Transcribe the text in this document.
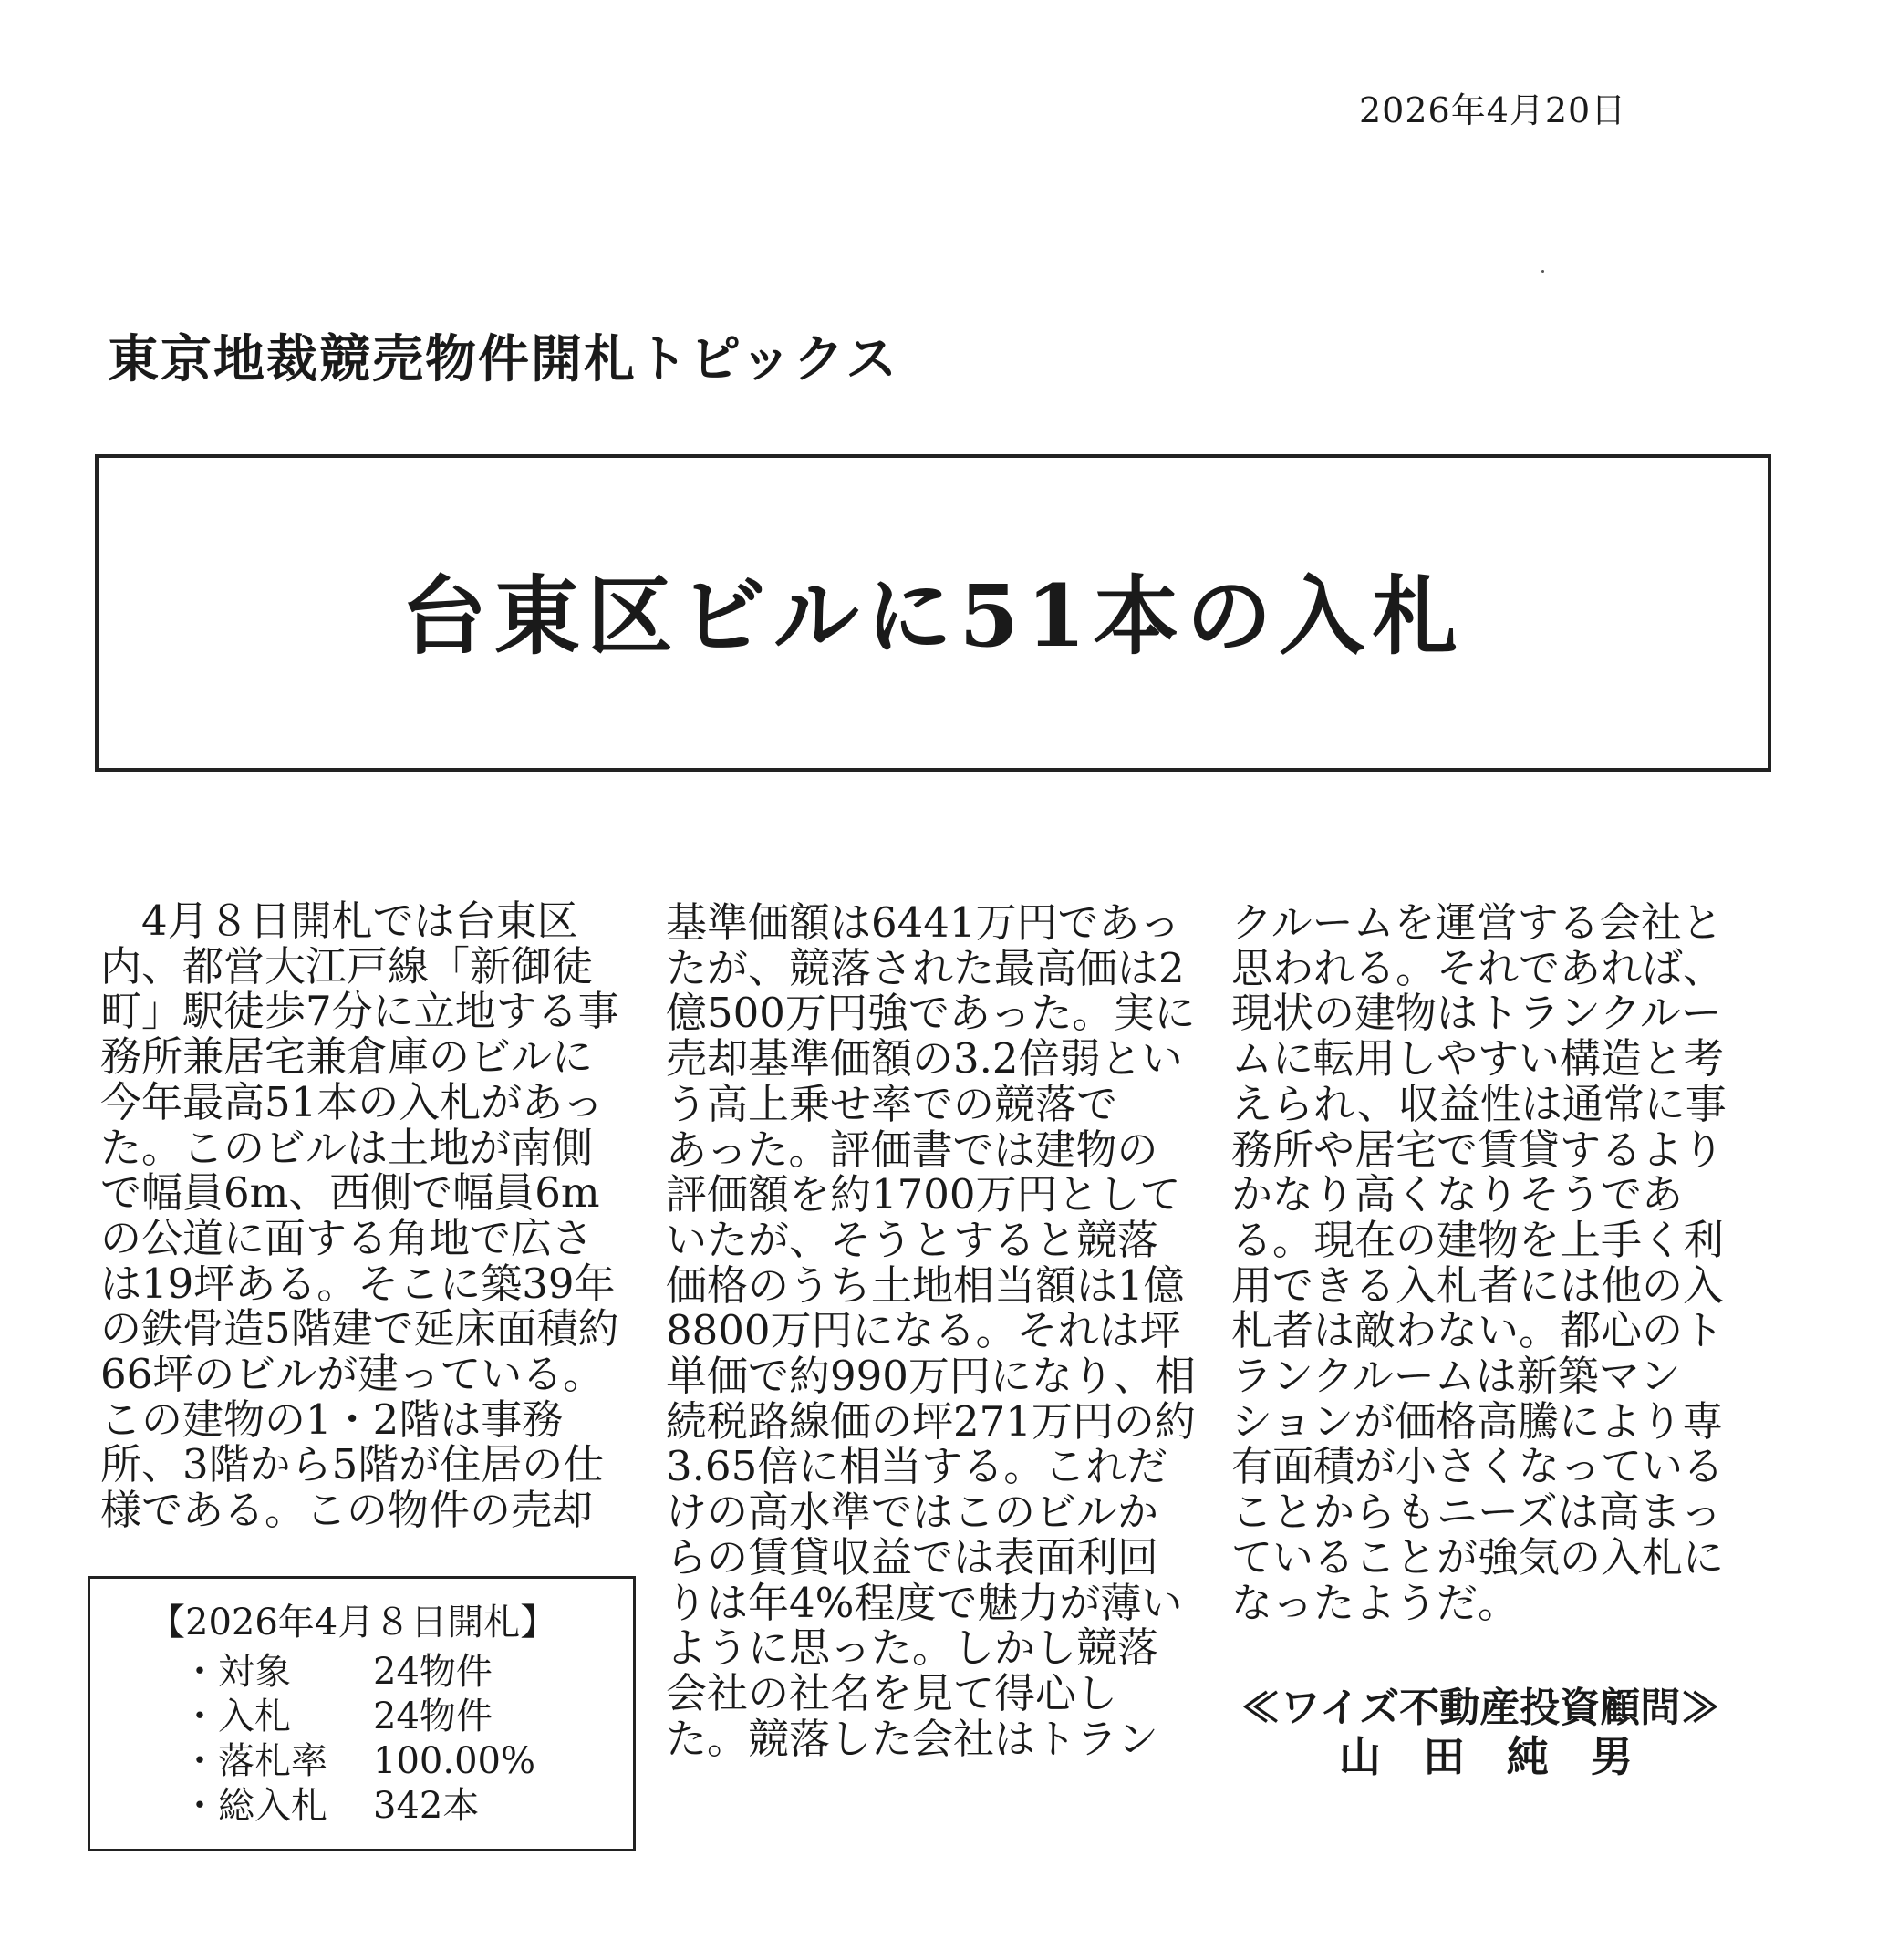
2026年4月20日
東京地裁競売物件開札トピックス
台東区ビルに51本の入札
　4月８日開札では台東区
内、都営大江戸線「新御徒
町」駅徒歩7分に立地する事
務所兼居宅兼倉庫のビルに
今年最高51本の入札があっ
た。このビルは土地が南側
で幅員6m、西側で幅員6m
の公道に面する角地で広さ
は19坪ある。そこに築39年
の鉄骨造5階建で延床面積約
66坪のビルが建っている。
この建物の1・2階は事務
所、3階から5階が住居の仕
様である。この物件の売却
基準価額は6441万円であっ
たが、競落された最高価は2
億500万円強であった。実に
売却基準価額の3.2倍弱とい
う高上乗せ率での競落で
あった。評価書では建物の
評価額を約1700万円として
いたが、そうとすると競落
価格のうち土地相当額は1億
8800万円になる。それは坪
単価で約990万円になり、相
続税路線価の坪271万円の約
3.65倍に相当する。これだ
けの高水準ではこのビルか
らの賃貸収益では表面利回
りは年4%程度で魅力が薄い
ように思った。しかし競落
会社の社名を見て得心し
た。競落した会社はトラン
クルームを運営する会社と
思われる。それであれば、
現状の建物はトランクルー
ムに転用しやすい構造と考
えられ、収益性は通常に事
務所や居宅で賃貸するより
かなり高くなりそうであ
る。現在の建物を上手く利
用できる入札者には他の入
札者は敵わない。都心のト
ランクルームは新築マン
ションが価格高騰により専
有面積が小さくなっている
ことからもニーズは高まっ
ていることが強気の入札に
なったようだ。
【2026年4月８日開札】
・対象 24物件
・入札 24物件
・落札率 100.00%
・総入札 342本
≪ワイズ不動産投資顧問≫
山　田　純　男
